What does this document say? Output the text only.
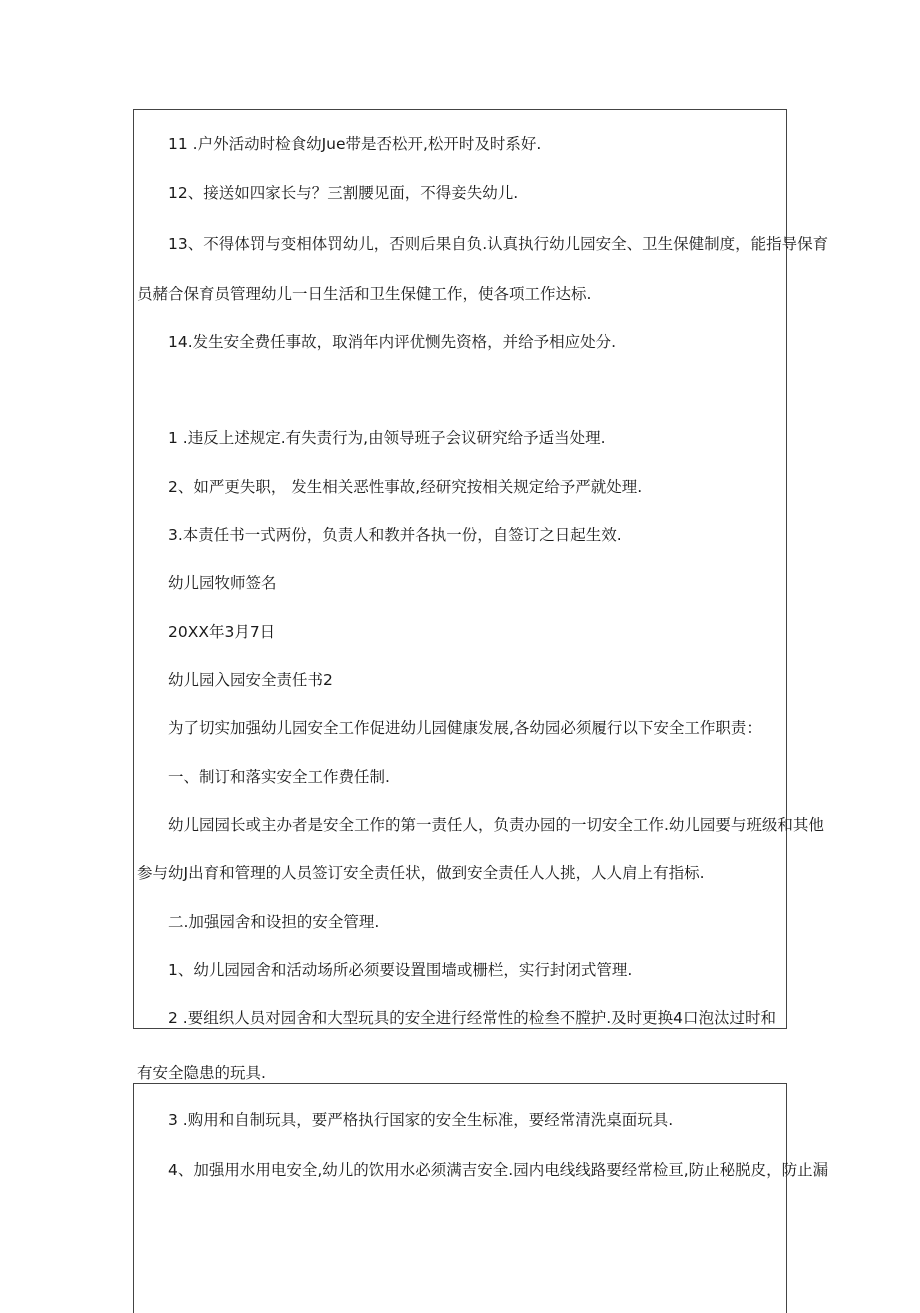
11 .户外活动时检食幼Jue带是否松开,松开时及时系好.
12、接送如四家长与？三割腰见面，不得妾失幼儿.
13、不得体罚与变相体罚幼儿，否则后果自负.认真执行幼儿园安全、卫生保健制度，能指导保育
员赭合保育员管理幼儿一日生活和卫生保健工作，使各项工作达标.
14.发生安全费任事故，取消年内评优恻先资格，并给予相应处分.
1 .违反上述规定.有失责行为,由领导班子会议研究给予适当处理.
2、如严更失职， 发生相关恶性事故,经研究按相关规定给予严就处理.
3.本责任书一式两份，负责人和教并各执一份，自签订之日起生效.
幼儿园牧师签名
20XX年3月7日
幼儿园入园安全责任书2
为了切实加强幼儿园安全工作促进幼儿园健康发展,各幼园必须履行以下安全工作职责：
一、制订和落实安全工作费任制.
幼儿园园长或主办者是安全工作的第一责任人，负责办园的一切安全工作.幼儿园要与班级和其他
参与幼J出育和管理的人员签订安全责任状，做到安全责任人人挑，人人肩上有指标.
二.加强园舍和设担的安全管理.
1、幼儿园园舍和活动场所必须要设置围墙或栅栏，实行封闭式管理.
2 .要组织人员对园舍和大型玩具的安全进行经常性的检叁不膛护.及时更换4口泡汰过时和
有安全隐患的玩具.
3 .购用和自制玩具，要严格执行国家的安全生标准，要经常清洗桌面玩具.
4、加强用水用电安全,幼儿的饮用水必须满吉安全.园内电线线路要经常检亘,防止秘脱皮，防止漏
